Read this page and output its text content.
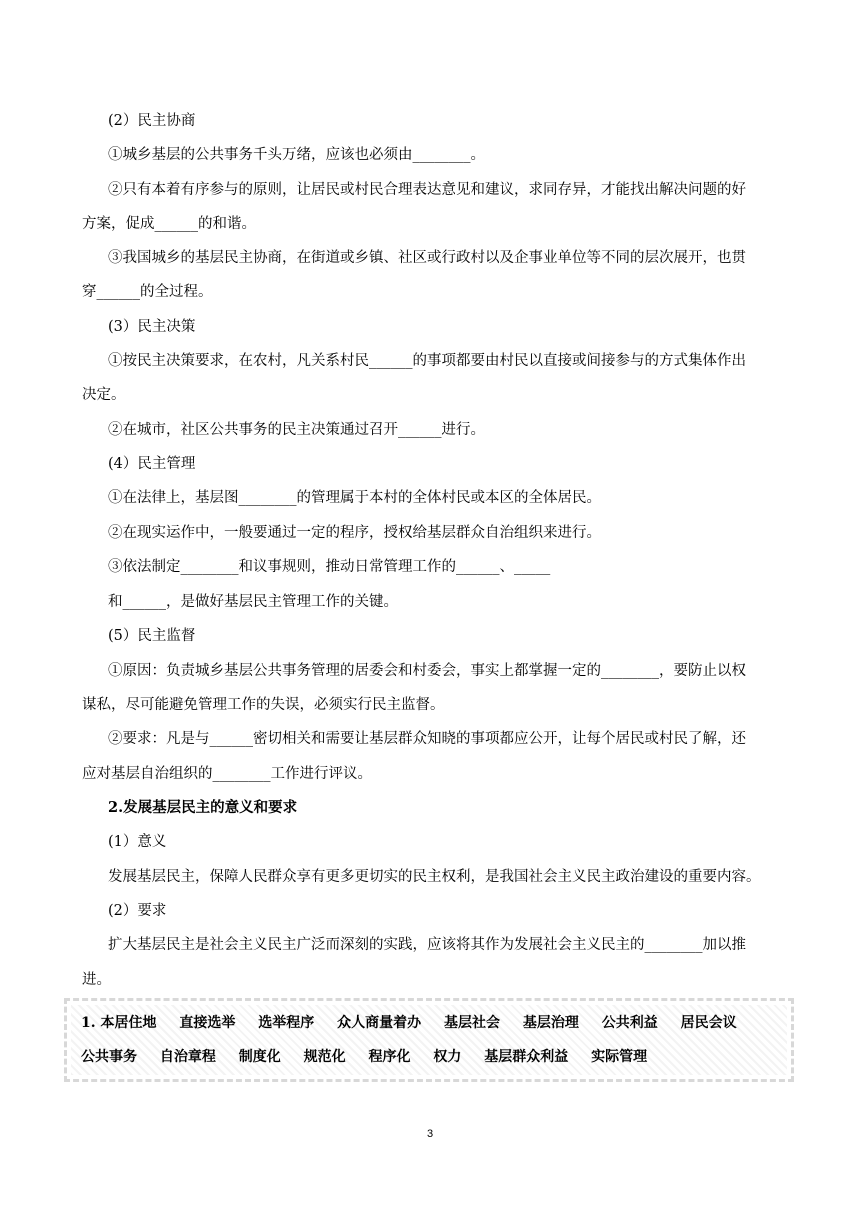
(2）民主协商
①城乡基层的公共事务千头万绪，应该也必须由________。
②只有本着有序参与的原则，让居民或村民合理表达意见和建议，求同存异，才能找出解决问题的好
方案，促成______的和谐。
③我国城乡的基层民主协商，在街道或乡镇、社区或行政村以及企事业单位等不同的层次展开，也贯
穿______的全过程。
(3）民主决策
①按民主决策要求，在农村，凡关系村民______的事项都要由村民以直接或间接参与的方式集体作出
决定。
②在城市，社区公共事务的民主决策通过召开______进行。
(4）民主管理
①在法律上，基层图________的管理属于本村的全体村民或本区的全体居民。
②在现实运作中，一般要通过一定的程序，授权给基层群众自治组织来进行。
③依法制定________和议事规则，推动日常管理工作的______、_____
和______，是做好基层民主管理工作的关键。
(5）民主监督
①原因：负责城乡基层公共事务管理的居委会和村委会，事实上都掌握一定的________，要防止以权
谋私，尽可能避免管理工作的失误，必须实行民主监督。
②要求：凡是与______密切相关和需要让基层群众知晓的事项都应公开，让每个居民或村民了解，还
应对基层自治组织的________工作进行评议。
2.发展基层民主的意义和要求
(1）意义
发展基层民主，保障人民群众享有更多更切实的民主权利，是我国社会主义民主政治建设的重要内容。
(2）要求
扩大基层民主是社会主义民主广泛而深刻的实践，应该将其作为发展社会主义民主的________加以推
进。
1. 本居住地 直接选举 选举程序 众人商量着办 基层社会 基层治理 公共利益 居民会议
公共事务 自治章程 制度化 规范化 程序化 权力 基层群众利益 实际管理
3
